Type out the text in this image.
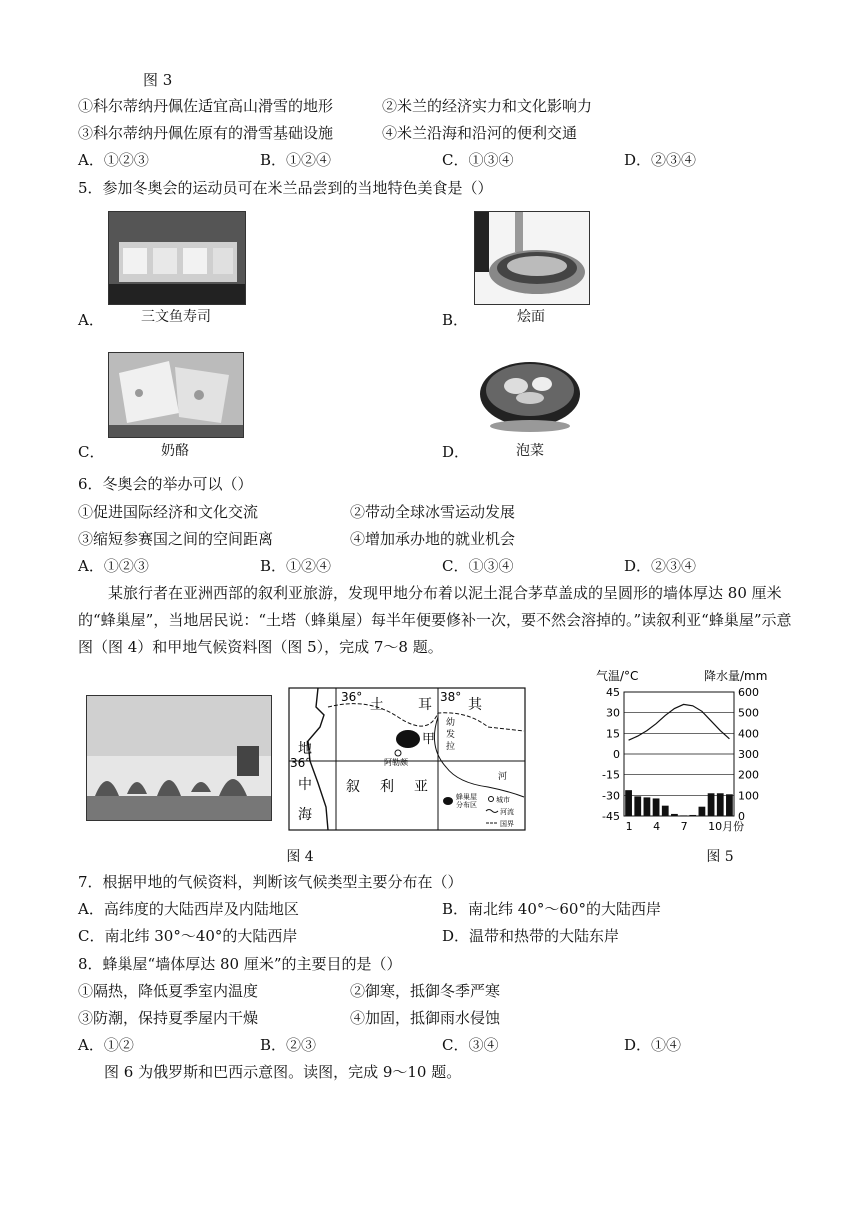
图 3
①科尔蒂纳丹佩佐适宜高山滑雪的地形	②米兰的经济实力和文化影响力
③科尔蒂纳丹佩佐原有的滑雪基础设施	④米兰沿海和沿河的便利交通
A．①②③	B．①②④	C．①③④	D．②③④
5．参加冬奥会的运动员可在米兰品尝到的当地特色美食是（）
A．	三文鱼寿司	B．	烩面
C．	奶酪	D．	泡菜
6．冬奥会的举办可以（）
①促进国际经济和文化交流	②带动全球冰雪运动发展
③缩短参赛国之间的空间距离	④增加承办地的就业机会
A．①②③	B．①②④	C．①③④	D．②③④
某旅行者在亚洲西部的叙利亚旅游，发现甲地分布着以泥土混合茅草盖成的呈圆形的墙体厚达 80 厘米的“蜂巢屋”，当地居民说：“土塔（蜂巢屋）每半年便要修补一次，要不然会溶掉的。”读叙利亚“蜂巢屋”示意图（图 4）和甲地气候资料图（图 5），完成 7～8 题。
36°	38°
36°
土 耳	其
地
中
海
叙 利 亚
甲
阿勒颇
幼
发
拉
河
蜂巢屋分布区
城市
河流
国界
图 4
气温/°C	降水量/mm
45
30
15
0
-15
-30
-45
600
500
400
300
200
100
0
1 4 7 10月份
图 5
7．根据甲地的气候资料，判断该气候类型主要分布在（）
A．高纬度的大陆西岸及内陆地区	B．南北纬 40°～60°的大陆西岸
C．南北纬 30°～40°的大陆西岸	D．温带和热带的大陆东岸
8．蜂巢屋“墙体厚达 80 厘米”的主要目的是（）
①隔热，降低夏季室内温度	②御寒，抵御冬季严寒
③防潮，保持夏季屋内干燥	④加固，抵御雨水侵蚀
A．①②	B．②③	C．③④	D．①④
图 6 为俄罗斯和巴西示意图。读图，完成 9～10 题。
